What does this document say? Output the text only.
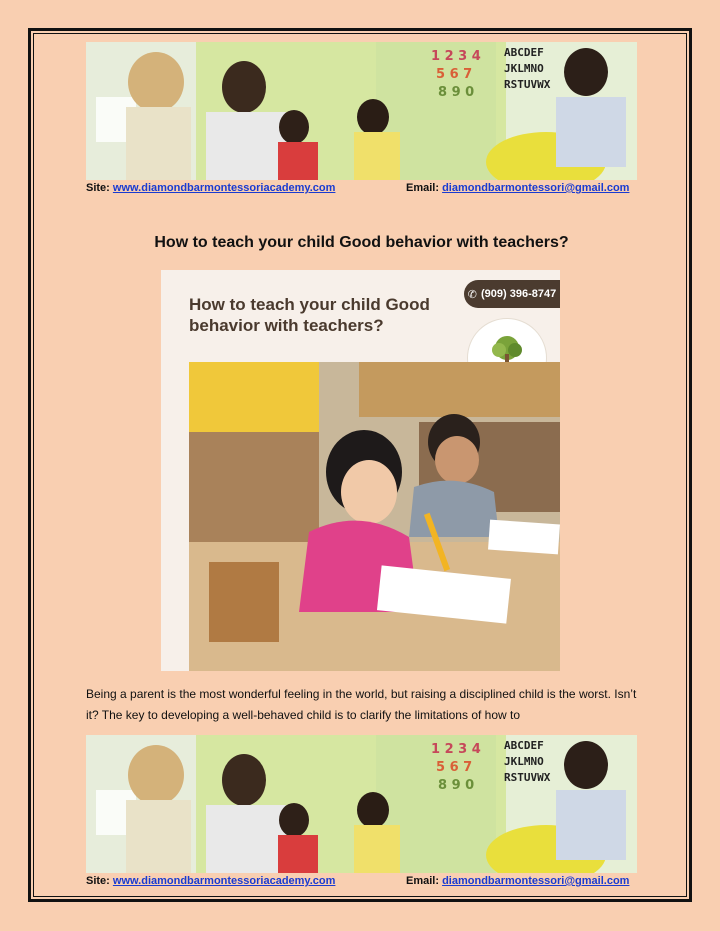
1 2 3 4
5 6 7
8 9 0
ABCDEF
JKLMNO
RSTUVWX
Site: www.diamondbarmontessoriacademy.com	Email: diamondbarmontessori@gmail.com
How to teach your child Good behavior with teachers?
How to teach your child Good behavior with teachers?
✆ (909) 396-8747
Being a parent is the most wonderful feeling in the world, but raising a disciplined child is the worst. Isn’t it? The key to developing a well-behaved child is to clarify the limitations of how to
1 2 3 4
5 6 7
8 9 0
ABCDEF
JKLMNO
RSTUVWX
Site: www.diamondbarmontessoriacademy.com	Email: diamondbarmontessori@gmail.com
